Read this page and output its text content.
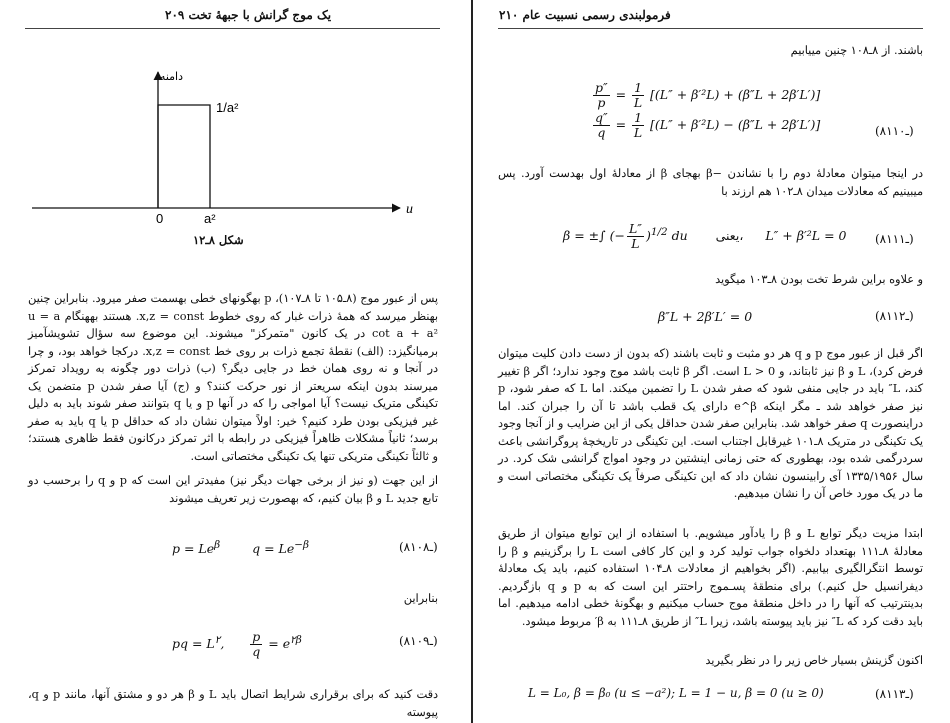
یک موج گرانش با جبهۀ تخت ۲۰۹
دامنه
1/a²
0	a²
u
شکل ۸ـ۱۲
پس از عبور موج (۸ـ۱۰۵ تا ۸ـ۱۰۷)، p بهگونهای خطی بهسمت صفر میرود. بنابراین چنین بهنظر میرسد که همۀ ذرات غبار که روی خطوط x,z = const. هستند بههنگام u = a cot a + a² در یک کانون "متمرکز" میشوند. این موضوع سه سؤال تشویشآمیز برمیانگیزد: (الف) نقطۀ تجمع ذرات بر روی خط x,z = const. درکجا خواهد بود، و چرا در آنجا و نه روی همان خط در جایی دیگر؟ (ب) ذرات دور چگونه به رویداد تمرکز میرسند بدون اینکه سریعتر از نور حرکت کنند؟ و (ج) آیا صفر شدن p متضمن یک تکینگی متریک نیست؟ آیا امواجی را که در آنها p و یا q بتوانند صفر شوند باید به دلیل غیر فیزیکی بودن طرد کنیم؟ خیر: اولاً میتوان نشان داد که حداقل p یا q باید به صفر برسد؛ ثانیاً مشکلات ظاهراً فیزیکی در رابطه با اثر تمرکز درکانون فقط ظاهری هستند؛ و ثالثاً تکینگی متریکی تنها یک تکینگی مختصاتی است.
از این جهت (و نیز از برخی جهات دیگر نیز) مفیدتر این است که p و q را برحسب دو تابع جدید L و β بیان کنیم، که بهصورت زیر تعریف میشوند
$p = Le^\beta$	$q = Le^{-\beta}$	(۸ـ۱۰۸)
بنابراین
pq = $L^۲$, $\frac{p}{q} = e^{۲\beta}$	(۸ـ۱۰۹)
دقت کنید که برای برقراری شرایط اتصال باید L و β هر دو و مشتق آنها، مانند p و q، پیوسته
۲۱۰ فرمولبندی رسمی نسبیت عام
باشند. از ۸ـ۱۰۸ چنین مییابیم
$\frac{p''}{p} = \frac{1}{L} [(L'' + \beta'^2L) + (\beta''L + 2\beta'L')]$
$\frac{q''}{q} = \frac{1}{L} [(L'' + \beta'^2L) - (\beta''L + 2\beta'L')]$	(۸ـ۱۱۰)
در اینجا میتوان معادلۀ دوم را با نشاندن −β بهجای β از معادلۀ اول بهدست آورد. پس میبینیم که معادلات میدان ۸ـ۱۰۲ هم ارزند با
β = ±∫ (− $\frac{L''}{L} )^{1/2}$ du یعنی، L″ + β′²L = 0 (۸ـ۱۱۱)
و علاوه براین شرط تخت بودن ۸ـ۱۰۳ میگوید
β″L + 2β′L′ = 0	(۸ـ۱۱۲)
اگر قبل از عبور موج p و q هر دو مثبت و ثابت باشند (که بدون از دست دادن کلیت میتوان فرض کرد)، L و β نیز ثابتاند، و L > 0 است. اگر β ثابت باشد موج وجود ندارد؛ اگر β تغییر کند، L″ باید در جایی منفی شود که صفر شدن L را تضمین میکند. اما L که صفر شود، p نیز صفر خواهد شد ـ مگر اینکه e^β دارای یک قطب باشد تا آن را جبران کند. اما دراینصورت q صفر خواهد شد. بنابراین صفر شدن حداقل یکی از این ضرایب و از آنجا وجود یک تکینگی در متریک ۸ـ۱۰۱ غیرقابل اجتناب است. این تکینگی در تاریخچۀ پروگرانشی باعث سردرگمی شده بود، بهطوری که حتی زمانی اینشتین در وجود امواج گرانشی شک کرد. در سال ۱۳۳۵/۱۹۵۶ آی رابینسون نشان داد که این تکینگی صرفاً یک تکینگی مختصاتی است و ما در یک مورد خاص آن را نشان میدهیم.
ابتدا مزیت دیگر توابع L و β را یادآور میشویم. با استفاده از این توابع میتوان از طریق معادلۀ ۸ـ۱۱۱ بهتعداد دلخواه جواب تولید کرد و این کار کافی است L را برگزینیم و β را توسط انتگرالگیری بیابیم. (اگر بخواهیم از معادلات ۸ـ۱۰۴ استفاده کنیم، باید یک معادلۀ دیفرانسیل حل کنیم.) برای منطقۀ پسـموج راحتتر این است که به p و q بازگردیم. بدینترتیب که آنها را در داخل منطقۀ موج حساب میکنیم و بهگونۀ خطی ادامه میدهیم. اما باید دقت کرد که L″ نیز باید پیوسته باشد، زیرا L″ از طریق ۸ـ۱۱۱ به β′ مربوط میشود.
اکنون گزینش بسیار خاص زیر را در نظر بگیرید
L = L₀, β = β₀ (u ≤ −a²); L = 1 − u, β = 0 (u ≥ 0)	(۸ـ۱۱۳)
